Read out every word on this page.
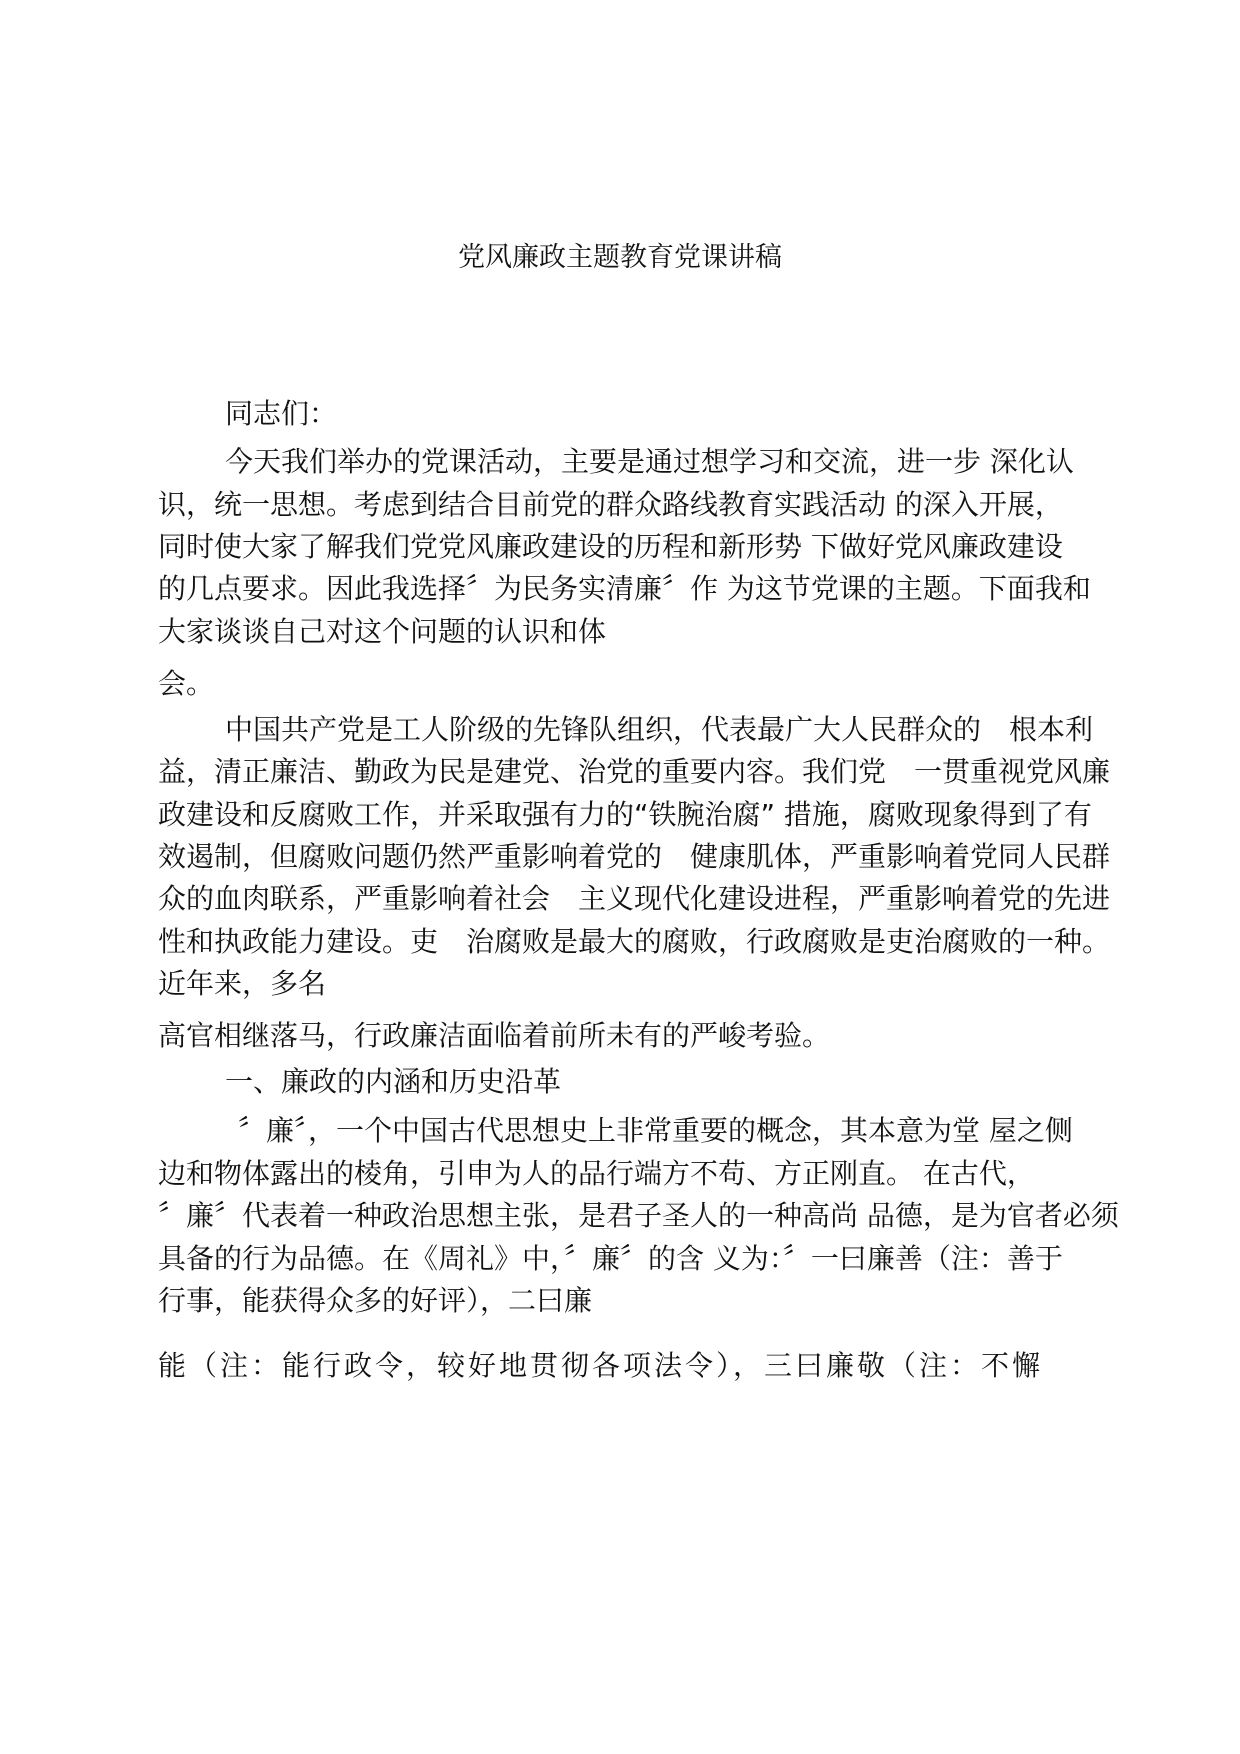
党风廉政主题教育党课讲稿
同志们：
今天我们举办的党课活动，主要是通过想学习和交流，进一步 深化认
识，统一思想。考虑到结合目前党的群众路线教育实践活动 的深入开展，
同时使大家了解我们党党风廉政建设的历程和新形势 下做好党风廉政建设
的几点要求。因此我选择〞为民务实清廉〞作 为这节党课的主题。下面我和
大家谈谈自己对这个问题的认识和体
会。
中国共产党是工人阶级的先锋队组织，代表最广大人民群众的　根本利
益，清正廉洁、勤政为民是建党、治党的重要内容。我们党　一贯重视党风廉
政建设和反腐败工作，并采取强有力的“铁腕治腐” 措施，腐败现象得到了有
效遏制，但腐败问题仍然严重影响着党的　健康肌体，严重影响着党同人民群
众的血肉联系，严重影响着社会　主义现代化建设进程，严重影响着党的先进
性和执政能力建设。吏　治腐败是最大的腐败，行政腐败是吏治腐败的一种。
近年来，多名
高官相继落马，行政廉洁面临着前所未有的严峻考验。
一、廉政的内涵和历史沿革
〞廉〞，一个中国古代思想史上非常重要的概念，其本意为堂 屋之侧
边和物体露出的棱角，引申为人的品行端方不苟、方正刚直。 在古代，
〞廉〞代表着一种政治思想主张，是君子圣人的一种高尚 品德，是为官者必须
具备的行为品德。在《周礼》中，〞廉〞的含 义为：〞一曰廉善（注：善于
行事，能获得众多的好评），二曰廉
能（注：能行政令，较好地贯彻各项法令），三曰廉敬（注：不懈
